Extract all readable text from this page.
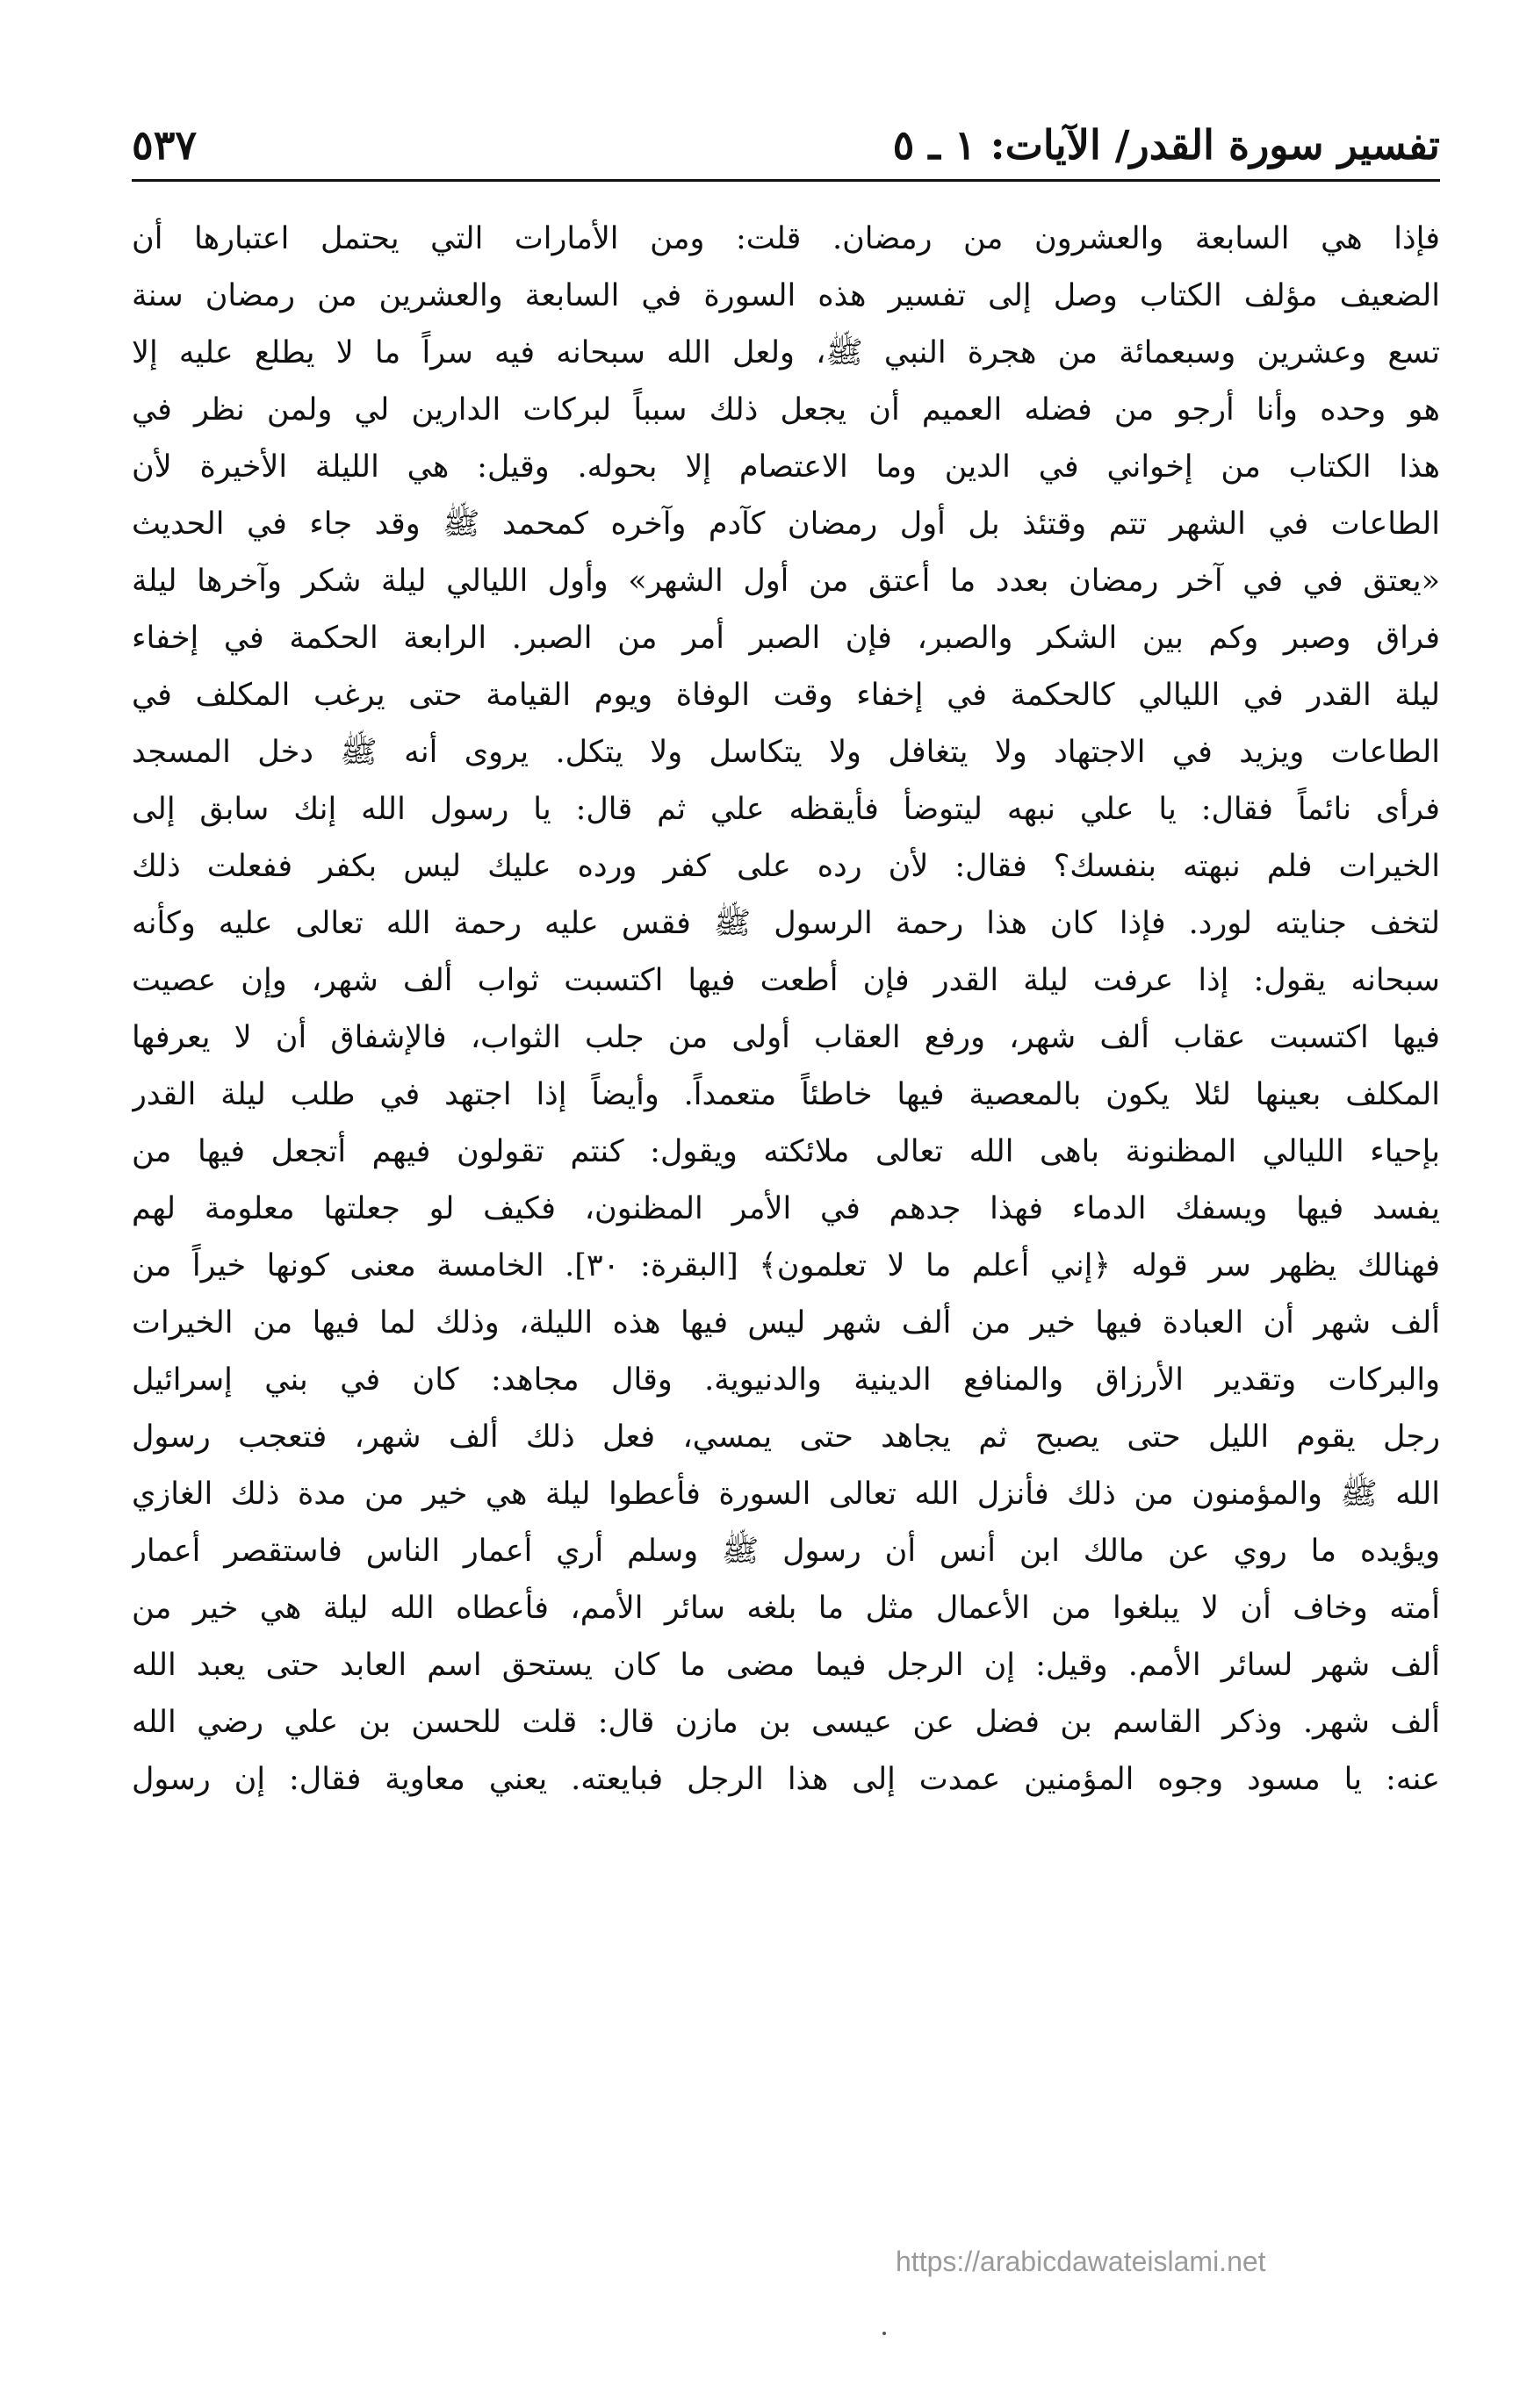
تفسير سورة القدر/ الآيات: ١ ـ ٥
٥٣٧
فإذا هي السابعة والعشرون من رمضان. قلت: ومن الأمارات التي يحتمل اعتبارها أن
الضعيف مؤلف الكتاب وصل إلى تفسير هذه السورة في السابعة والعشرين من رمضان سنة
تسع وعشرين وسبعمائة من هجرة النبي ﷺ، ولعل الله سبحانه فيه سراً ما لا يطلع عليه إلا
هو وحده وأنا أرجو من فضله العميم أن يجعل ذلك سبباً لبركات الدارين لي ولمن نظر في
هذا الكتاب من إخواني في الدين وما الاعتصام إلا بحوله. وقيل: هي الليلة الأخيرة لأن
الطاعات في الشهر تتم وقتئذ بل أول رمضان كآدم وآخره كمحمد ﷺ وقد جاء في الحديث
«يعتق في في آخر رمضان بعدد ما أعتق من أول الشهر» وأول الليالي ليلة شكر وآخرها ليلة
فراق وصبر وكم بين الشكر والصبر، فإن الصبر أمر من الصبر. الرابعة الحكمة في إخفاء
ليلة القدر في الليالي كالحكمة في إخفاء وقت الوفاة ويوم القيامة حتى يرغب المكلف في
الطاعات ويزيد في الاجتهاد ولا يتغافل ولا يتكاسل ولا يتكل. يروى أنه ﷺ دخل المسجد
فرأى نائماً فقال: يا علي نبهه ليتوضأ فأيقظه علي ثم قال: يا رسول الله إنك سابق إلى
الخيرات فلم نبهته بنفسك؟ فقال: لأن رده على كفر ورده عليك ليس بكفر ففعلت ذلك
لتخف جنايته لورد. فإذا كان هذا رحمة الرسول ﷺ فقس عليه رحمة الله تعالى عليه وكأنه
سبحانه يقول: إذا عرفت ليلة القدر فإن أطعت فيها اكتسبت ثواب ألف شهر، وإن عصيت
فيها اكتسبت عقاب ألف شهر، ورفع العقاب أولى من جلب الثواب، فالإشفاق أن لا يعرفها
المكلف بعينها لئلا يكون بالمعصية فيها خاطئاً متعمداً. وأيضاً إذا اجتهد في طلب ليلة القدر
بإحياء الليالي المظنونة باهى الله تعالى ملائكته ويقول: كنتم تقولون فيهم أتجعل فيها من
يفسد فيها ويسفك الدماء فهذا جدهم في الأمر المظنون، فكيف لو جعلتها معلومة لهم
فهنالك يظهر سر قوله ﴿إني أعلم ما لا تعلمون﴾ [البقرة: ٣٠]. الخامسة معنى كونها خيراً من
ألف شهر أن العبادة فيها خير من ألف شهر ليس فيها هذه الليلة، وذلك لما فيها من الخيرات
والبركات وتقدير الأرزاق والمنافع الدينية والدنيوية. وقال مجاهد: كان في بني إسرائيل
رجل يقوم الليل حتى يصبح ثم يجاهد حتى يمسي، فعل ذلك ألف شهر، فتعجب رسول
الله ﷺ والمؤمنون من ذلك فأنزل الله تعالى السورة فأعطوا ليلة هي خير من مدة ذلك الغازي
ويؤيده ما روي عن مالك ابن أنس أن رسول ﷺ وسلم أري أعمار الناس فاستقصر أعمار
أمته وخاف أن لا يبلغوا من الأعمال مثل ما بلغه سائر الأمم، فأعطاه الله ليلة هي خير من
ألف شهر لسائر الأمم. وقيل: إن الرجل فيما مضى ما كان يستحق اسم العابد حتى يعبد الله
ألف شهر. وذكر القاسم بن فضل عن عيسى بن مازن قال: قلت للحسن بن علي رضي الله
عنه: يا مسود وجوه المؤمنين عمدت إلى هذا الرجل فبايعته. يعني معاوية فقال: إن رسول
https://arabicdawateislami.net
